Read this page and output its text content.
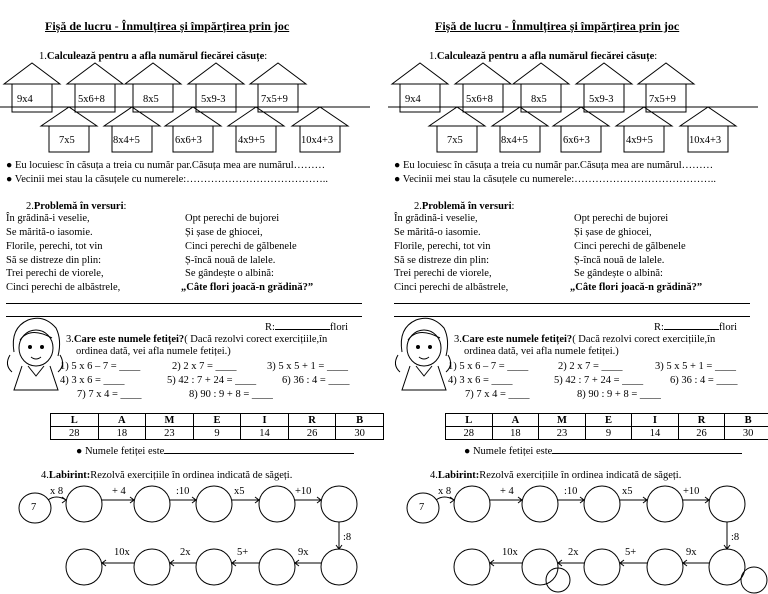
Fișă de lucru - Înmulțirea și împărțirea prin joc
1.Calculează pentru a afla numărul fiecărei căsuțe:
9x4	5x6+8	8x5	5x9-3	7x5+9
7x5	8x4+5	6x6+3	4x9+5	10x4+3
● Eu locuiesc în căsuța a treia cu număr par.Căsuța mea are numărul………
● Vecinii mei stau la căsuțele cu numerele:…………………………………..
2.Problemă în versuri:
În grădină-i veselie,
Se mărită-o iasomie.
Florile, perechi, tot vin
Să se distreze din plin:
Trei perechi de viorele,
Cinci perechi de albăstrele,
Opt perechi de bujorei
Și șase de ghiocei,
Cinci perechi de gălbenele
Ș-încă nouă de lalele.
Se gândește o albină:
„Câte flori joacă-n grădină?”
R:	flori
3.Care este numele fetiței?( Dacă rezolvi corect exercițiile,în
ordinea dată, vei afla numele fetiței.)
1) 5 x 6 – 7 = ____	2) 2 x 7 = ____	3) 5 x 5 + 1 = ____
4) 3 x 6 = ____	5) 42 : 7 + 24 = ____ 6) 36 : 4 = ____
7) 7 x 4 = ____	8) 90 : 9 + 8 = ____
L	A	M	E	I	R	B
28	18	23	9	14	26	30
● Numele fetiței este
4.Labirint:Rezolvă exercițiile în ordinea indicată de săgeți.
7
x 8	+ 4	:10	x5	+10
:8
10x	2x	5+	9x
Fișă de lucru - Înmulțirea și împărțirea prin joc
1.Calculează pentru a afla numărul fiecărei căsuțe:
9x4	5x6+8	8x5	5x9-3	7x5+9
7x5	8x4+5	6x6+3	4x9+5	10x4+3
● Eu locuiesc în căsuța a treia cu număr par.Căsuța mea are numărul………
● Vecinii mei stau la căsuțele cu numerele:…………………………………..
2.Problemă în versuri:
În grădină-i veselie,
Se mărită-o iasomie.
Florile, perechi, tot vin
Să se distreze din plin:
Trei perechi de viorele,
Cinci perechi de albăstrele,
Opt perechi de bujorei
Și șase de ghiocei,
Cinci perechi de gălbenele
Ș-încă nouă de lalele.
Se gândește o albină:
„Câte flori joacă-n grădină?”
R:	flori
3.Care este numele fetiței?( Dacă rezolvi corect exercițiile,în
ordinea dată, vei afla numele fetiței.)
1) 5 x 6 – 7 = ____	2) 2 x 7 = ____	3) 5 x 5 + 1 = ____
4) 3 x 6 = ____	5) 42 : 7 + 24 = ____	6) 36 : 4 = ____
7) 7 x 4 = ____	8) 90 : 9 + 8 = ____
L	A	M	E	I	R	B
28	18	23	9	14	26	30
● Numele fetiței este
4.Labirint:Rezolvă exercițiile în ordinea indicată de săgeți.
7
x 8	+ 4	:10	x5	+10
:8
10x	2x	5+	9x
